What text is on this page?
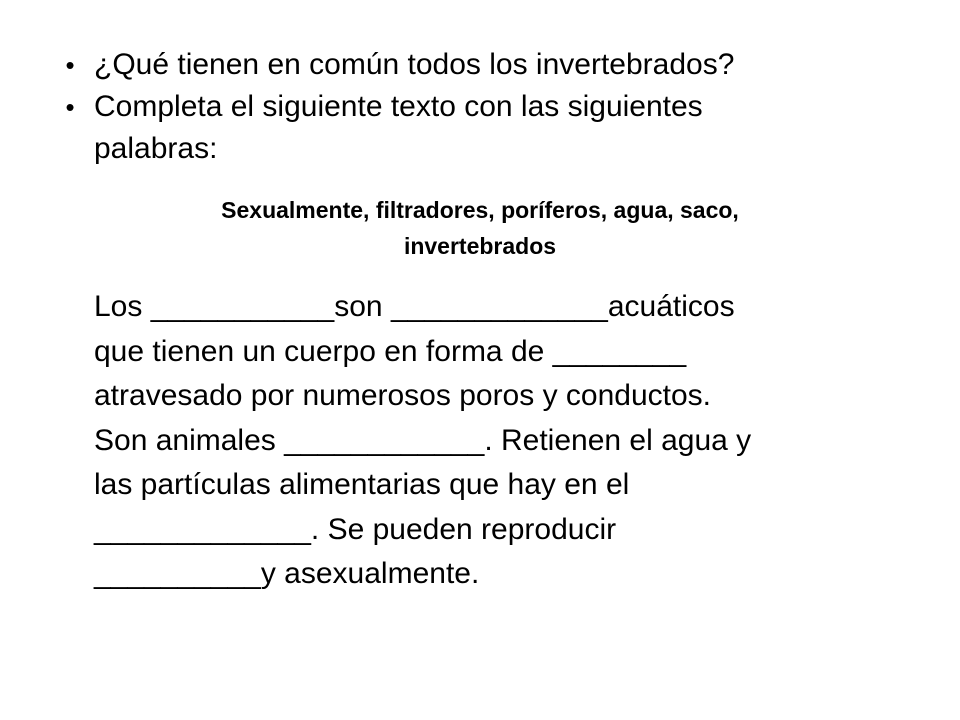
• ¿Qué tienen en común todos los invertebrados?
• Completa el siguiente texto con las siguientes
palabras:
Sexualmente, filtradores, poríferos, agua, saco,
invertebrados

Los ___________son _____________acuáticos
que tienen un cuerpo en forma de ________
atravesado por numerosos poros y conductos.
Son animales ____________. Retienen el agua y
las partículas alimentarias que hay en el
_____________. Se pueden reproducir
__________y asexualmente.
